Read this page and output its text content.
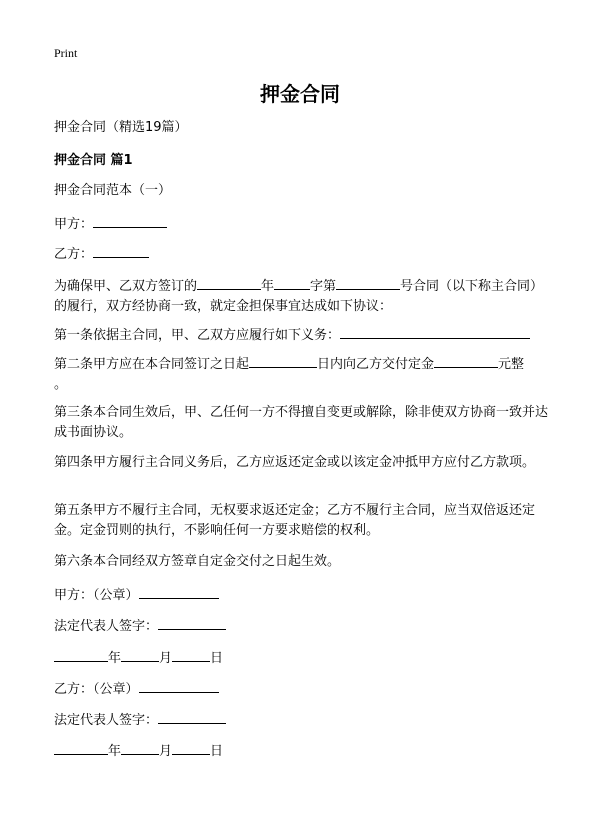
Print
押金合同
押金合同（精选19篇）
押金合同 篇1
押金合同范本（一）
甲方：
乙方：
为确保甲、乙双方签订的	年	字第	号合同（以下称主合同）的履行，双方经协商一致，就定金担保事宜达成如下协议：
第一条依据主合同，甲、乙双方应履行如下义务：
第二条甲方应在本合同签订之日起	日内向乙方交付定金	元整
。
第三条本合同生效后，甲、乙任何一方不得擅自变更或解除，除非使双方协商一致并达成书面协议。
第四条甲方履行主合同义务后，乙方应返还定金或以该定金冲抵甲方应付乙方款项。
第五条甲方不履行主合同，无权要求返还定金；乙方不履行主合同，应当双倍返还定金。定金罚则的执行，不影响任何一方要求赔偿的权利。
第六条本合同经双方签章自定金交付之日起生效。
甲方：（公章）
法定代表人签字：
年	月	日
乙方：（公章）
法定代表人签字：
年	月	日
